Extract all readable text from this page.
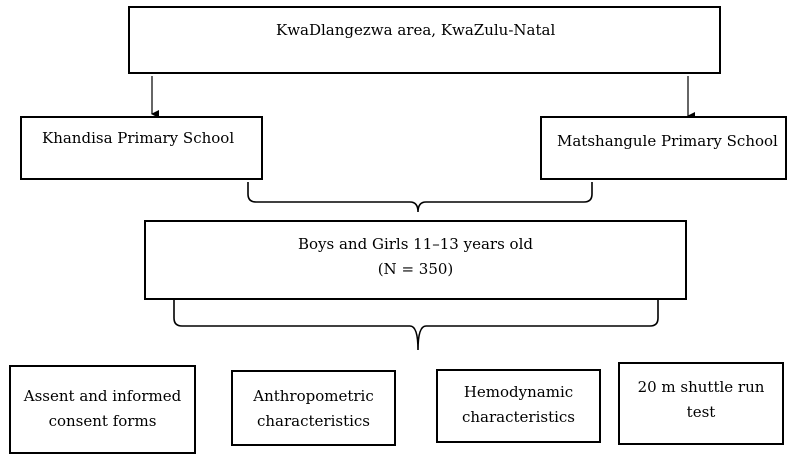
KwaDlangezwa area, KwaZulu-Natal
Khandisa Primary School	Matshangule Primary School
Boys and Girls 11–13 years old
(N = 350)
Assent and informed
consent forms
Anthropometric
characteristics
Hemodynamic
characteristics
20 m shuttle run
test
